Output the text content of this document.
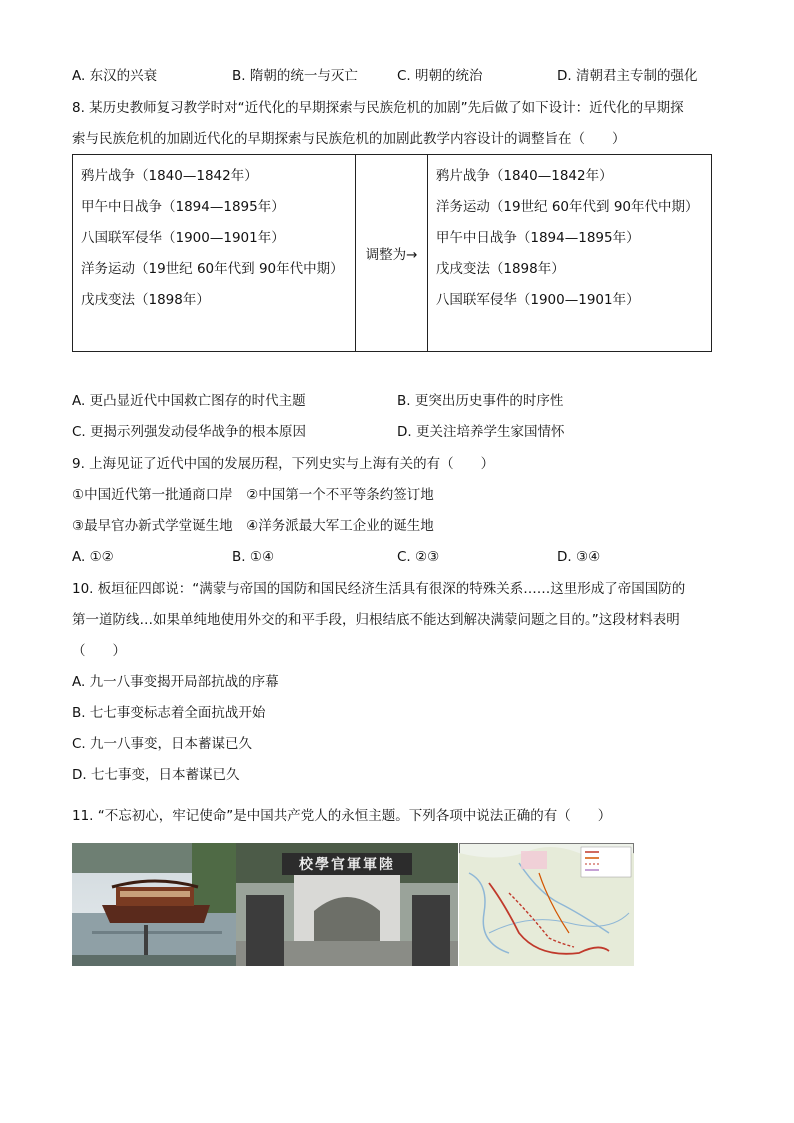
A. 东汉的兴衰	B. 隋朝的统一与灭亡	C. 明朝的统治	D. 清朝君主专制的强化
8. 某历史教师复习教学时对“近代化的早期探索与民族危机的加剧”先后做了如下设计：近代化的早期探
索与民族危机的加剧近代化的早期探索与民族危机的加剧此教学内容设计的调整旨在（　　）
鸦片战争（1840—1842年）
甲午中日战争（1894—1895年）
八国联军侵华（1900—1901年）
洋务运动（19世纪 60年代到 90年代中期）
戊戌变法（1898年）
	调整为→	
鸦片战争（1840—1842年）
洋务运动（19世纪 60年代到 90年代中期）
甲午中日战争（1894—1895年）
戊戌变法（1898年）
八国联军侵华（1900—1901年）
A. 更凸显近代中国救亡图存的时代主题	B. 更突出历史事件的时序性
C. 更揭示列强发动侵华战争的根本原因	D. 更关注培养学生家国情怀
9. 上海见证了近代中国的发展历程，下列史实与上海有关的有（　　）
①中国近代第一批通商口岸　②中国第一个不平等条约签订地
③最早官办新式学堂诞生地　④洋务派最大军工企业的诞生地
A. ①②	B. ①④	C. ②③	D. ③④
10. 板垣征四郎说：“满蒙与帝国的国防和国民经济生活具有很深的特殊关系……这里形成了帝国国防的
第一道防线…如果单纯地使用外交的和平手段，归根结底不能达到解决满蒙问题之目的。”这段材料表明
（　　）
A. 九一八事变揭开局部抗战的序幕
B. 七七事变标志着全面抗战开始
C. 九一八事变，日本蓄谋已久
D. 七七事变，日本蓄谋已久
11. “不忘初心，牢记使命”是中国共产党人的永恒主题。下列各项中说法正确的有（　　）
陸軍軍官學校
